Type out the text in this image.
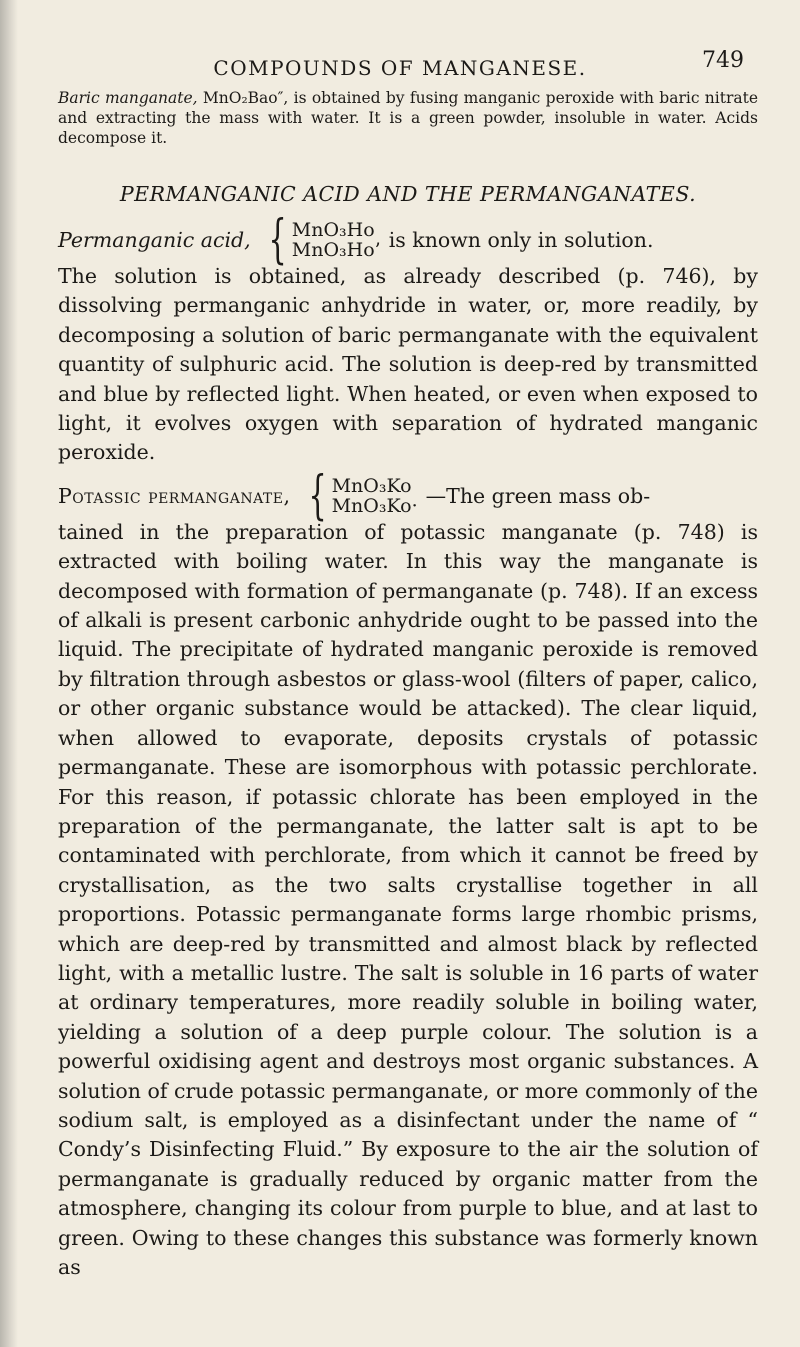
COMPOUNDS OF MANGANESE.	749

Baric manganate, MnO₂Bao″, is obtained by fusing manganic peroxide with baric nitrate and extracting the mass with water. It is a green powder, insoluble in water. Acids decompose it.

PERMANGANIC ACID AND THE PERMANGANATES.
Permanganic acid, { MnO₃Ho
MnO₃Ho’ is known only in solution.

The solution is obtained, as already described (p. 746), by dissolving permanganic anhydride in water, or, more readily, by decomposing a solution of baric permanganate with the equivalent quantity of sulphuric acid. The solution is deep-red by transmitted and blue by reflected light. When heated, or even when exposed to light, it evolves oxygen with separation of hydrated manganic peroxide.

Potassic permanganate, { MnO₃Ko
MnO₃Ko· —The green mass ob-

tained in the preparation of potassic manganate (p. 748) is extracted with boiling water. In this way the manganate is decomposed with formation of permanganate (p. 748). If an excess of alkali is present carbonic anhydride ought to be passed into the liquid. The precipitate of hydrated manganic peroxide is removed by filtration through asbestos or glass-wool (filters of paper, calico, or other organic substance would be attacked). The clear liquid, when allowed to evaporate, deposits crystals of potassic permanganate. These are isomorphous with potassic perchlorate. For this reason, if potassic chlorate has been employed in the preparation of the permanganate, the latter salt is apt to be contaminated with perchlorate, from which it cannot be freed by crystallisation, as the two salts crystallise together in all proportions. Potassic permanganate forms large rhombic prisms, which are deep-red by transmitted and almost black by reflected light, with a metallic lustre. The salt is soluble in 16 parts of water at ordinary temperatures, more readily soluble in boiling water, yielding a solution of a deep purple colour. The solution is a powerful oxidising agent and destroys most organic substances. A solution of crude potassic permanganate, or more commonly of the sodium salt, is employed as a disinfectant under the name of “ Condy’s Disinfecting Fluid.” By exposure to the air the solution of permanganate is gradually reduced by organic matter from the atmosphere, changing its colour from purple to blue, and at last to green. Owing to these changes this substance was formerly known as
